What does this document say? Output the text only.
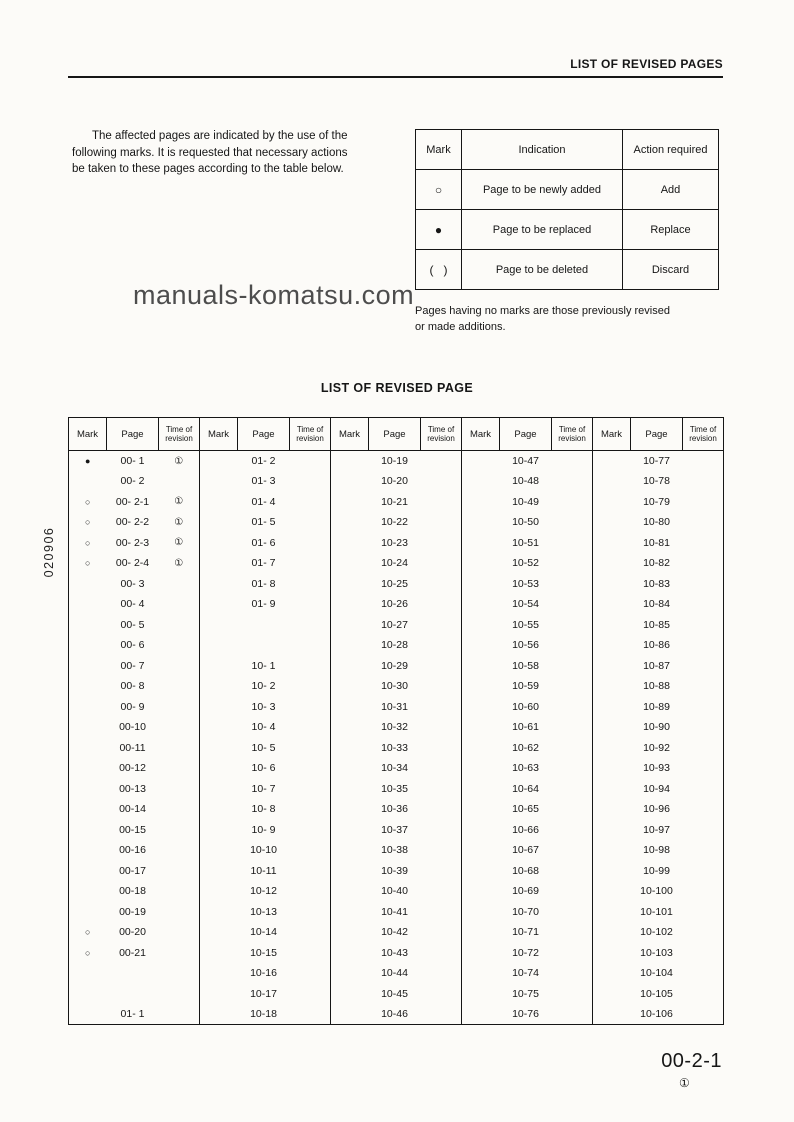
LIST OF REVISED PAGES
The affected pages are indicated by the use of the
following marks. It is requested that necessary actions
be taken to these pages according to the table below.
Mark	Indication	Action required
○	Page to be newly added	Add
●	Page to be replaced	Replace
(   )	Page to be deleted	Discard
Pages having no marks are those previously revised
or made additions.
manuals-komatsu.com
LIST OF REVISED PAGE
Mark	Page	Time of revision	Mark	Page	Time of revision	Mark	Page	Time of revision	Mark	Page	Time of revision	Mark	Page	Time of revision
●	00- 1	①		01- 2			10-19			10-47			10-77	
	00- 2			01- 3			10-20			10-48			10-78	
○	00- 2-1	①		01- 4			10-21			10-49			10-79	
○	00- 2-2	①		01- 5			10-22			10-50			10-80	
○	00- 2-3	①		01- 6			10-23			10-51			10-81	
○	00- 2-4	①		01- 7			10-24			10-52			10-82	
	00- 3			01- 8			10-25			10-53			10-83	
	00- 4			01- 9			10-26			10-54			10-84	
	00- 5						10-27			10-55			10-85	
	00- 6						10-28			10-56			10-86	
	00- 7			10- 1			10-29			10-58			10-87	
	00- 8			10- 2			10-30			10-59			10-88	
	00- 9			10- 3			10-31			10-60			10-89	
	00-10			10- 4			10-32			10-61			10-90	
	00-11			10- 5			10-33			10-62			10-92	
	00-12			10- 6			10-34			10-63			10-93	
	00-13			10- 7			10-35			10-64			10-94	
	00-14			10- 8			10-36			10-65			10-96	
	00-15			10- 9			10-37			10-66			10-97	
	00-16			10-10			10-38			10-67			10-98	
	00-17			10-11			10-39			10-68			10-99	
	00-18			10-12			10-40			10-69			10-100	
	00-19			10-13			10-41			10-70			10-101	
○	00-20			10-14			10-42			10-71			10-102	
○	00-21			10-15			10-43			10-72			10-103	
				10-16			10-44			10-74			10-104	
				10-17			10-45			10-75			10-105	
	01- 1			10-18			10-46			10-76			10-106	
020906
00-2-1
①
